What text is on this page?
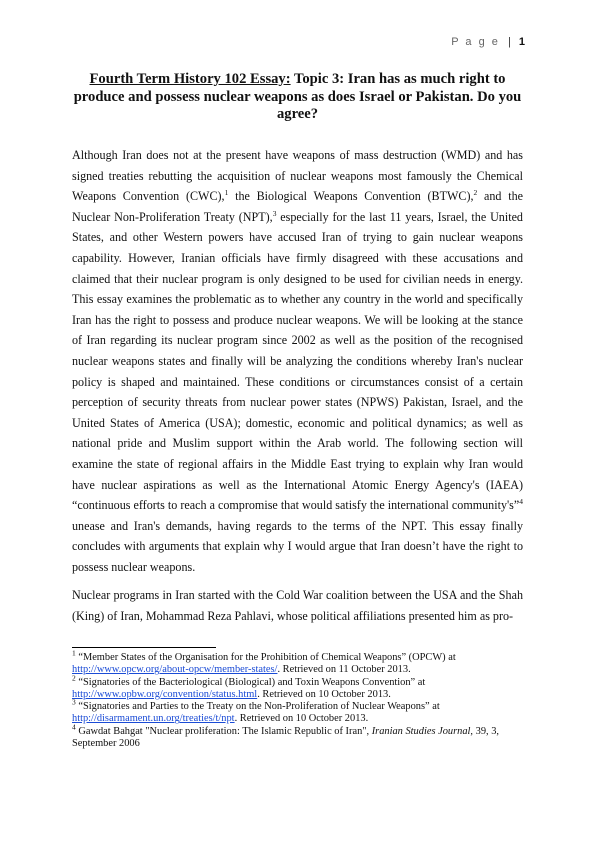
P a g e | 1
Fourth Term History 102 Essay: Topic 3: Iran has as much right to produce and possess nuclear weapons as does Israel or Pakistan. Do you agree?

Although Iran does not at the present have weapons of mass destruction (WMD) and has signed treaties rebutting the acquisition of nuclear weapons most famously the Chemical Weapons Convention (CWC),$^1$ the Biological Weapons Convention (BTWC),$^2$ and the Nuclear Non-Proliferation Treaty (NPT),$^3$ especially for the last 11 years, Israel, the United States, and other Western powers have accused Iran of trying to gain nuclear weapons capability. However, Iranian officials have firmly disagreed with these accusations and claimed that their nuclear program is only designed to be used for civilian needs in energy. This essay examines the problematic as to whether any country in the world and specifically Iran has the right to possess and produce nuclear weapons. We will be looking at the stance of Iran regarding its nuclear program since 2002 as well as the position of the recognised nuclear weapons states and finally will be analyzing the conditions whereby Iran's nuclear policy is shaped and maintained. These conditions or circumstances consist of a certain perception of security threats from nuclear power states (NPWS) Pakistan, Israel, and the United States of America (USA); domestic, economic and political dynamics; as well as national pride and Muslim support within the Arab world. The following section will examine the state of regional affairs in the Middle East trying to explain why Iran would have nuclear aspirations as well as the International Atomic Energy Agency's (IAEA) “continuous efforts to reach a compromise that would satisfy the international community's”$^4$ unease and Iran's demands, having regards to the terms of the NPT. This essay finally concludes with arguments that explain why I would argue that Iran doesn’t have the right to possess nuclear weapons.

Nuclear programs in Iran started with the Cold War coalition between the USA and the Shah (King) of Iran, Mohammad Reza Pahlavi, whose political affiliations presented him as pro-

$^1$ “Member States of the Organisation for the Prohibition of Chemical Weapons” (OPCW) at http://www.opcw.org/about-opcw/member-states/. Retrieved on 11 October 2013.

$^2$ “Signatories of the Bacteriological (Biological) and Toxin Weapons Convention” at http://www.opbw.org/convention/status.html. Retrieved on 10 October 2013.

$^3$ “Signatories and Parties to the Treaty on the Non-Proliferation of Nuclear Weapons” at http://disarmament.un.org/treaties/t/npt. Retrieved on 10 October 2013.

$^4$ Gawdat Bahgat "Nuclear proliferation: The Islamic Republic of Iran", Iranian Studies Journal, 39, 3, September 2006
